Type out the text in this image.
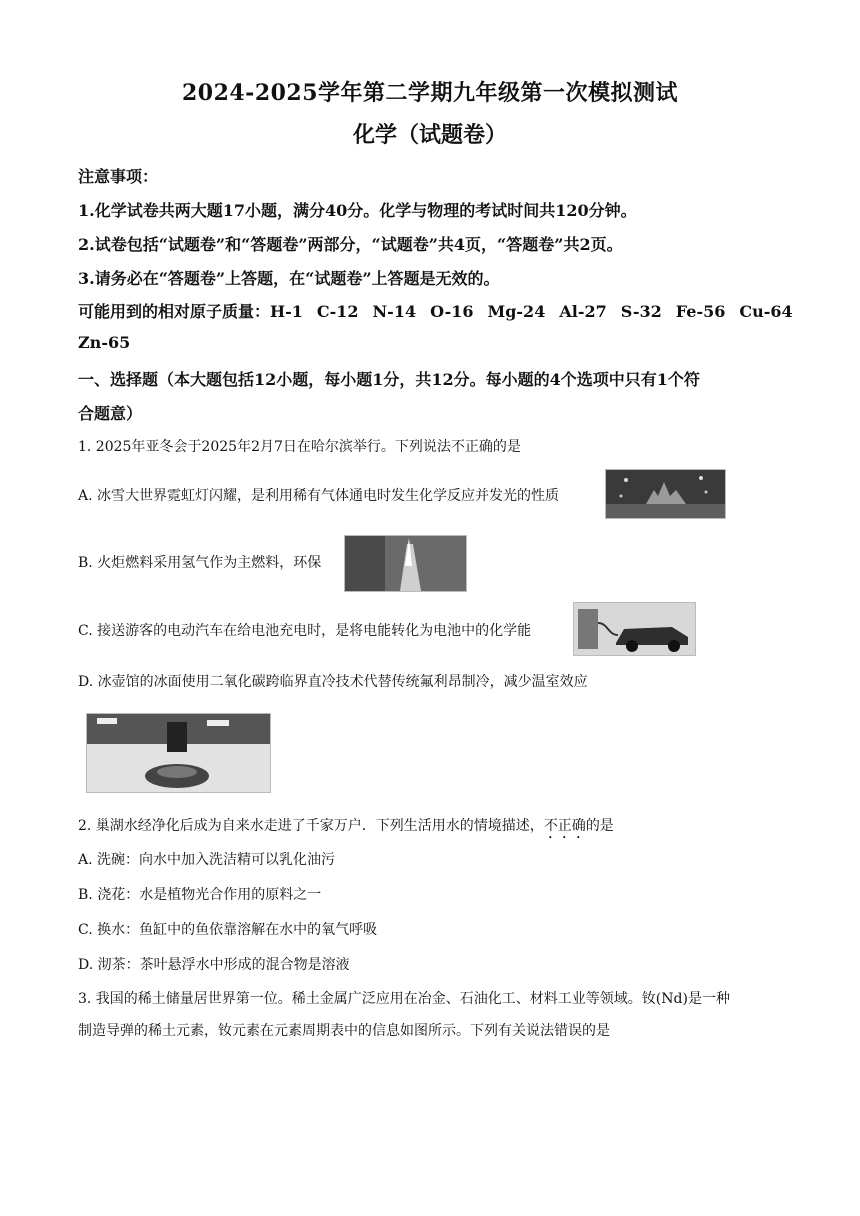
2024-2025学年第二学期九年级第一次模拟测试
化学（试题卷）
注意事项：
1.化学试卷共两大题17小题，满分40分。化学与物理的考试时间共120分钟。
2.试卷包括“试题卷”和“答题卷”两部分，“试题卷”共4页，“答题卷”共2页。
3.请务必在“答题卷”上答题，在“试题卷”上答题是无效的。
可能用到的相对原子质量：H-1 C-12 N-14 O-16 Mg-24 Al-27 S-32 Fe-56 Cu-64
Zn-65
一、选择题（本大题包括12小题，每小题1分，共12分。每小题的4个选项中只有1个符
合题意）
1. 2025年亚冬会于2025年2月7日在哈尔滨举行。下列说法不正确的是
A. 冰雪大世界霓虹灯闪耀，是利用稀有气体通电时发生化学反应并发光的性质
B. 火炬燃料采用氢气作为主燃料，环保
C. 接送游客的电动汽车在给电池充电时，是将电能转化为电池中的化学能
D. 冰壶馆的冰面使用二氧化碳跨临界直冷技术代替传统氟利昂制冷，减少温室效应
2. 巢湖水经净化后成为自来水走进了千家万户．下列生活用水的情境描述，不正确的是
A. 洗碗：向水中加入洗洁精可以乳化油污
B. 浇花：水是植物光合作用的原料之一
C. 换水：鱼缸中的鱼依靠溶解在水中的氧气呼吸
D. 沏茶：茶叶悬浮水中形成的混合物是溶液
3. 我国的稀土储量居世界第一位。稀土金属广泛应用在冶金、石油化工、材料工业等领域。钕(Nd)是一种
制造导弹的稀土元素，钕元素在元素周期表中的信息如图所示。下列有关说法错误的是
